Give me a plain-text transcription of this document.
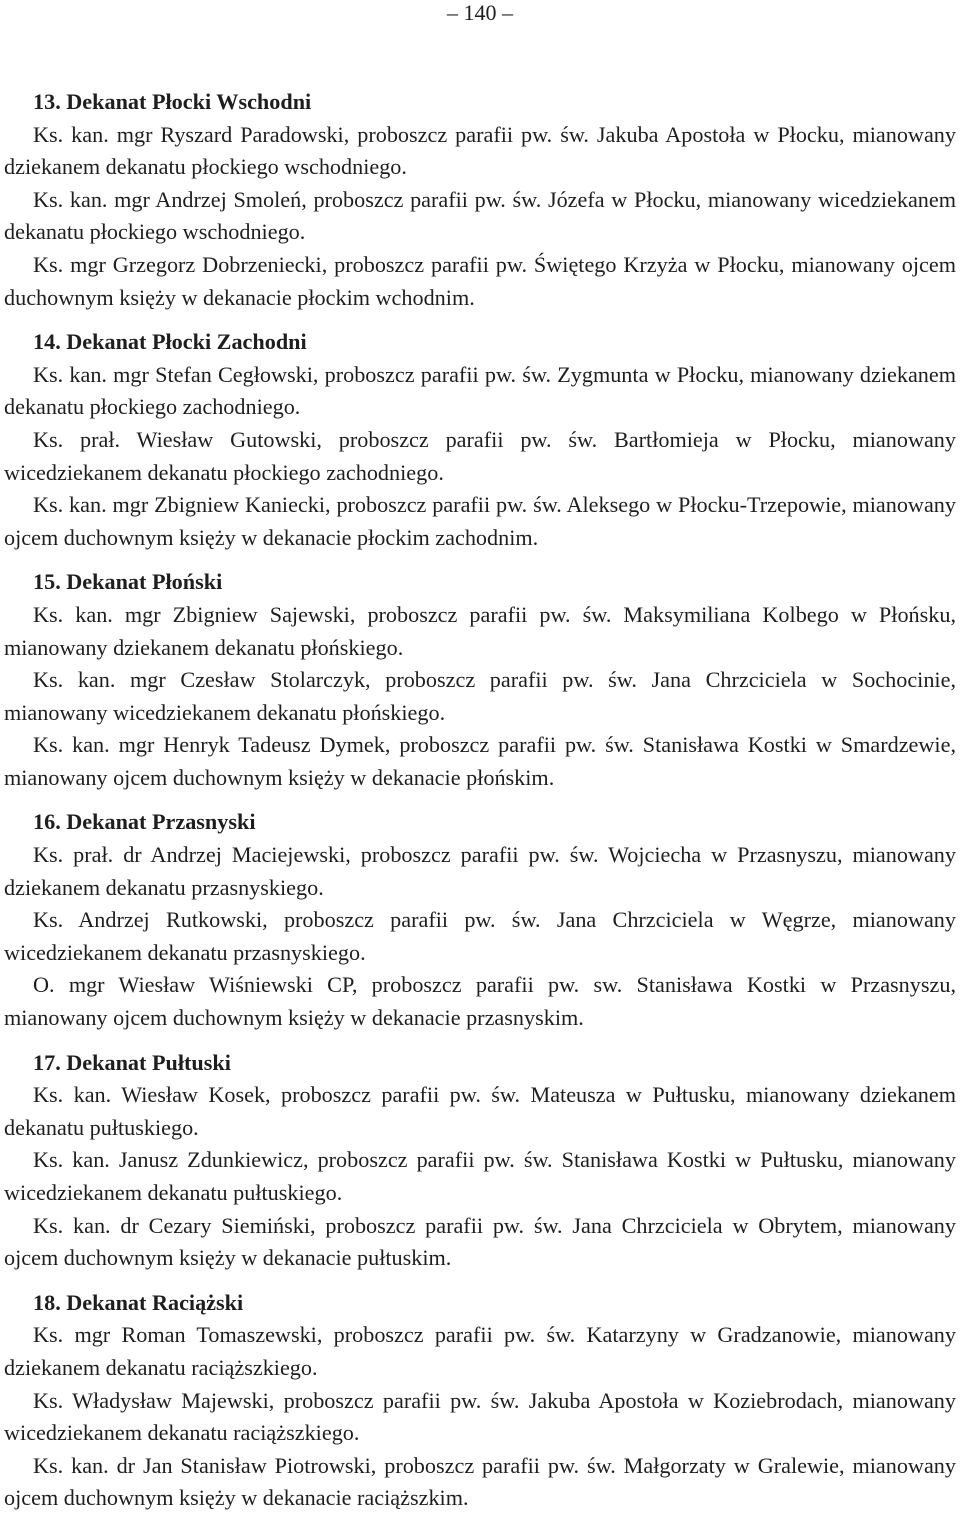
– 140 –

13. Dekanat Płocki Wschodni

Ks. kan. mgr Ryszard Paradowski, proboszcz parafii pw. św. Jakuba Apostoła w Płocku, mianowany dziekanem dekanatu płockiego wschodniego.

Ks. kan. mgr Andrzej Smoleń, proboszcz parafii pw. św. Józefa w Płocku, mianowany wicedziekanem dekanatu płockiego wschodniego.

Ks. mgr Grzegorz Dobrzeniecki, proboszcz parafii pw. Świętego Krzyża w Płocku, mianowany ojcem duchownym księży w dekanacie płockim wchodnim.

14. Dekanat Płocki Zachodni

Ks. kan. mgr Stefan Cegłowski, proboszcz parafii pw. św. Zygmunta w Płocku, mianowany dziekanem dekanatu płockiego zachodniego.

Ks. prał. Wiesław Gutowski, proboszcz parafii pw. św. Bartłomieja w Płocku, mianowany wicedziekanem dekanatu płockiego zachodniego.

Ks. kan. mgr Zbigniew Kaniecki, proboszcz parafii pw. św. Aleksego w Płocku-Trzepowie, mianowany ojcem duchownym księży w dekanacie płockim zachodnim.

15. Dekanat Płoński

Ks. kan. mgr Zbigniew Sajewski, proboszcz parafii pw. św. Maksymiliana Kolbego w Płońsku, mianowany dziekanem dekanatu płońskiego.

Ks. kan. mgr Czesław Stolarczyk, proboszcz parafii pw. św. Jana Chrzciciela w Sochocinie, mianowany wicedziekanem dekanatu płońskiego.

Ks. kan. mgr Henryk Tadeusz Dymek, proboszcz parafii pw. św. Stanisława Kostki w Smardzewie, mianowany ojcem duchownym księży w dekanacie płońskim.

16. Dekanat Przasnyski

Ks. prał. dr Andrzej Maciejewski, proboszcz parafii pw. św. Wojciecha w Przasnyszu, mianowany dziekanem dekanatu przasnyskiego.

Ks. Andrzej Rutkowski, proboszcz parafii pw. św. Jana Chrzciciela w Węgrze, mianowany wicedziekanem dekanatu przasnyskiego.

O. mgr Wiesław Wiśniewski CP, proboszcz parafii pw. sw. Stanisława Kostki w Przasnyszu, mianowany ojcem duchownym księży w dekanacie przasnyskim.

17. Dekanat Pułtuski

Ks. kan. Wiesław Kosek, proboszcz parafii pw. św. Mateusza w Pułtusku, mianowany dziekanem dekanatu pułtuskiego.

Ks. kan. Janusz Zdunkiewicz, proboszcz parafii pw. św. Stanisława Kostki w Pułtusku, mianowany wicedziekanem dekanatu pułtuskiego.

Ks. kan. dr Cezary Siemiński, proboszcz parafii pw. św. Jana Chrzciciela w Obrytem, mianowany ojcem duchownym księży w dekanacie pułtuskim.

18. Dekanat Raciążski

Ks. mgr Roman Tomaszewski, proboszcz parafii pw. św. Katarzyny w Gradzanowie, mianowany dziekanem dekanatu raciąższkiego.

Ks. Władysław Majewski, proboszcz parafii pw. św. Jakuba Apostoła w Koziebrodach, mianowany wicedziekanem dekanatu raciąższkiego.

Ks. kan. dr Jan Stanisław Piotrowski, proboszcz parafii pw. św. Małgorzaty w Gralewie, mianowany ojcem duchownym księży w dekanacie raciąższkim.
